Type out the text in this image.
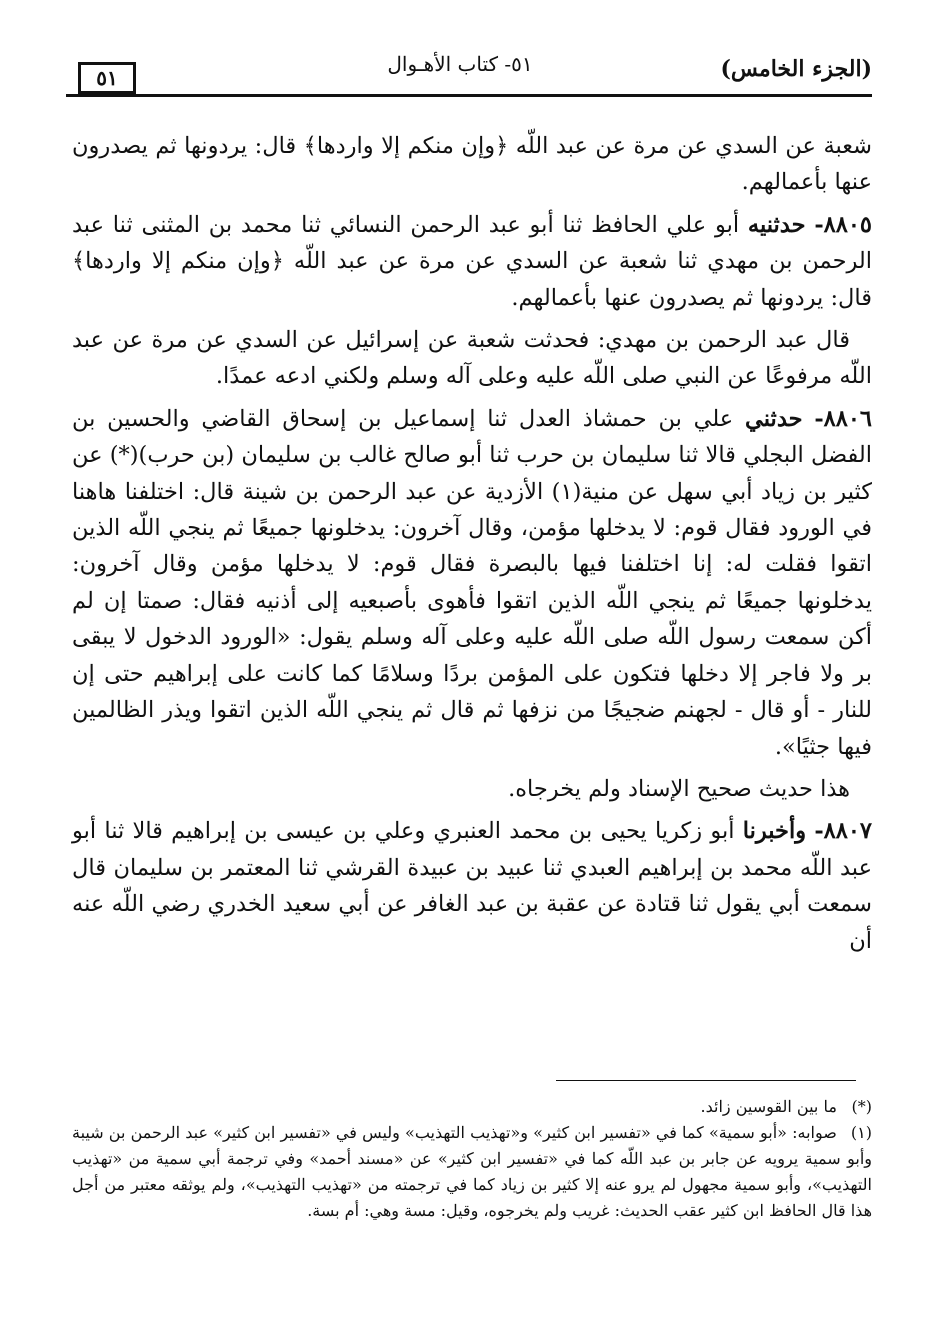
٥١
٥١- كتاب الأهـوال	(الجزء الخامس)

شعبة عن السدي عن مرة عن عبد اللّه ﴿وإن منكم إلا واردها﴾ قال: يردونها ثم يصدرون عنها بأعمالهم.

٨٨٠٥- حدثنيه أبو علي الحافظ ثنا أبو عبد الرحمن النسائي ثنا محمد بن المثنى ثنا عبد الرحمن بن مهدي ثنا شعبة عن السدي عن مرة عن عبد اللّه ﴿وإن منكم إلا واردها﴾ قال: يردونها ثم يصدرون عنها بأعمالهم.

قال عبد الرحمن بن مهدي: فحدثت شعبة عن إسرائيل عن السدي عن مرة عن عبد اللّه مرفوعًا عن النبي صلى اللّه عليه وعلى آله وسلم ولكني ادعه عمدًا.

٨٨٠٦- حدثني علي بن حمشاذ العدل ثنا إسماعيل بن إسحاق القاضي والحسين بن الفضل البجلي قالا ثنا سليمان بن حرب ثنا أبو صالح غالب بن سليمان (بن حرب)(*) عن كثير بن زياد أبي سهل عن منية(١) الأزدية عن عبد الرحمن بن شينة قال: اختلفنا هاهنا في الورود فقال قوم: لا يدخلها مؤمن، وقال آخرون: يدخلونها جميعًا ثم ينجي اللّه الذين اتقوا فقلت له: إنا اختلفنا فيها بالبصرة فقال قوم: لا يدخلها مؤمن وقال آخرون: يدخلونها جميعًا ثم ينجي اللّه الذين اتقوا فأهوى بأصبعيه إلى أذنيه فقال: صمتا إن لم أكن سمعت رسول اللّه صلى اللّه عليه وعلى آله وسلم يقول: «الورود الدخول لا يبقى بر ولا فاجر إلا دخلها فتكون على المؤمن بردًا وسلامًا كما كانت على إبراهيم حتى إن للنار - أو قال - لجهنم ضجيجًا من نزفها ثم قال ثم ينجي اللّه الذين اتقوا ويذر الظالمين فيها جثيًا».

هذا حديث صحيح الإسناد ولم يخرجاه.

٨٨٠٧- وأخبرنا أبو زكريا يحيى بن محمد العنبري وعلي بن عيسى بن إبراهيم قالا ثنا أبو عبد اللّه محمد بن إبراهيم العبدي ثنا عبيد بن عبيدة القرشي ثنا المعتمر بن سليمان قال سمعت أبي يقول ثنا قتادة عن عقبة بن عبد الغافر عن أبي سعيد الخدري رضي اللّه عنه أن

(*) ما بين القوسين زائد.

(١) صوابه: «أبو سمية» كما في «تفسير ابن كثير» و«تهذيب التهذيب» وليس في «تفسير ابن كثير» عبد الرحمن بن شيبة وأبو سمية يرويه عن جابر بن عبد اللّه كما في «تفسير ابن كثير» عن «مسند أحمد» وفي ترجمة أبي سمية من «تهذيب التهذيب»، وأبو سمية مجهول لم يرو عنه إلا كثير بن زياد كما في ترجمته من «تهذيب التهذيب»، ولم يوثقه معتبر من أجل هذا قال الحافظ ابن كثير عقب الحديث: غريب ولم يخرجوه، وقيل: مسة وهي: أم بسة.
